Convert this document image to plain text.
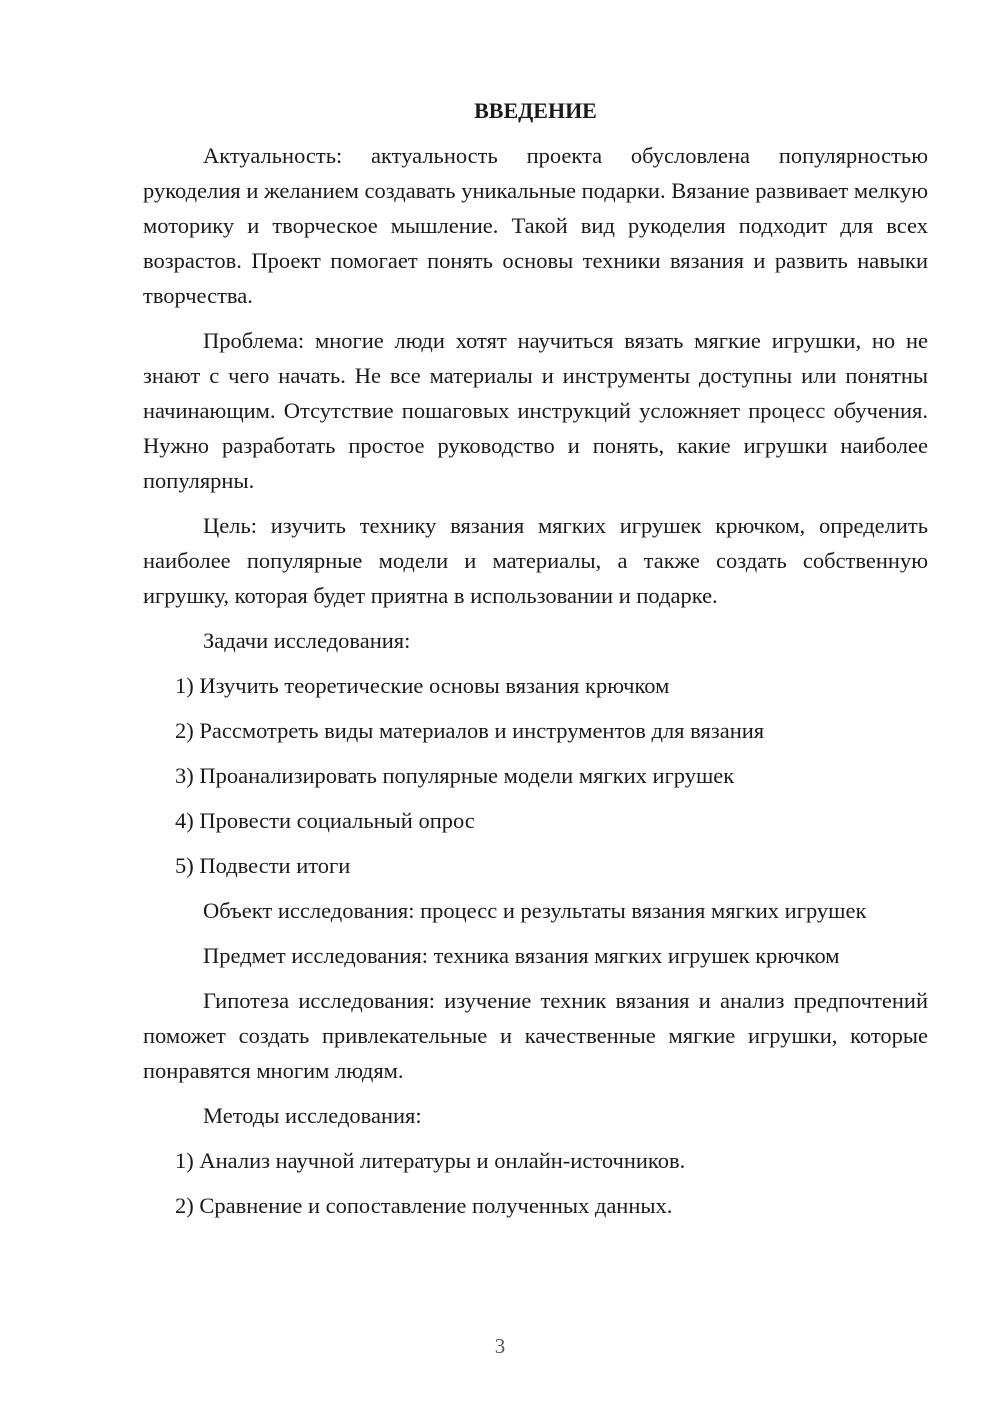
ВВЕДЕНИЕ

Актуальность: актуальность проекта обусловлена популярностью рукоделия и желанием создавать уникальные подарки. Вязание развивает мелкую моторику и творческое мышление. Такой вид рукоделия подходит для всех возрастов. Проект помогает понять основы техники вязания и развить навыки творчества.

Проблема: многие люди хотят научиться вязать мягкие игрушки, но не знают с чего начать. Не все материалы и инструменты доступны или понятны начинающим. Отсутствие пошаговых инструкций усложняет процесс обучения. Нужно разработать простое руководство и понять, какие игрушки наиболее популярны.

Цель: изучить технику вязания мягких игрушек крючком, определить наиболее популярные модели и материалы, а также создать собственную игрушку, которая будет приятна в использовании и подарке.

Задачи исследования:

1) Изучить теоретические основы вязания крючком
2) Рассмотреть виды материалов и инструментов для вязания
3) Проанализировать популярные модели мягких игрушек
4) Провести социальный опрос
5) Подвести итоги

Объект исследования: процесс и результаты вязания мягких игрушек

Предмет исследования: техника вязания мягких игрушек крючком

Гипотеза исследования: изучение техник вязания и анализ предпочтений поможет создать привлекательные и качественные мягкие игрушки, которые понравятся многим людям.

Методы исследования:

1) Анализ научной литературы и онлайн-источников.
2) Сравнение и сопоставление полученных данных.
3
